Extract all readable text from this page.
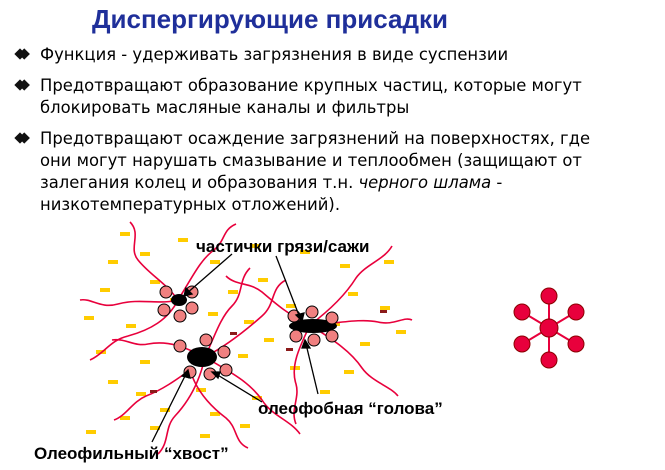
Диспергирующие присадки
Функция - удерживать загрязнения в виде суспензии
Предотвращают образование крупных частиц, которые могут
блокировать масляные каналы и фильтры
Предотвращают осаждение загрязнений на поверхностях, где
они могут нарушать смазывание и теплообмен (защищают от
залегания колец и образования т.н. черного шлама -
низкотемпературных отложений).
частички грязи/сажи
олеофобная “голова”
Олеофильный “хвост”
